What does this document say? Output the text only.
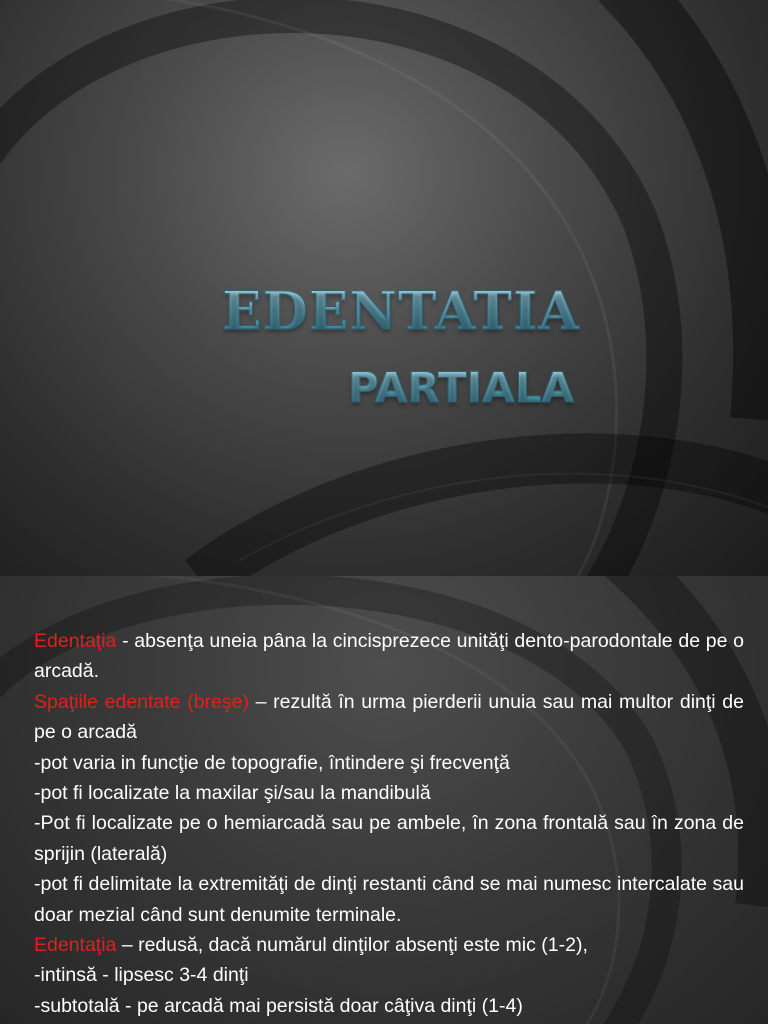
EDENTATIA
PARTIALA

Edentaţia - absenţa uneia pâna la cincisprezece unităţi dento-parodontale de pe o arcadă.

Spaţiile edentate (breşe) – rezultă în urma pierderii unuia sau mai multor dinţi de pe o arcadă

-pot varia in funcţie de topografie, întindere şi frecvenţă

-pot fi localizate la maxilar şi/sau la mandibulă

-Pot fi localizate pe o hemiarcadă sau pe ambele, în zona frontală sau în zona de sprijin (laterală)

-pot fi delimitate la extremităţi de dinţi restanti când se mai numesc intercalate sau doar mezial când sunt denumite terminale.

Edentaţia – redusă, dacă numărul dinţilor absenţi este mic (1-2),

-intinsă - lipsesc 3-4 dinţi

-subtotală - pe arcadă mai persistă doar câţiva dinţi (1-4)
